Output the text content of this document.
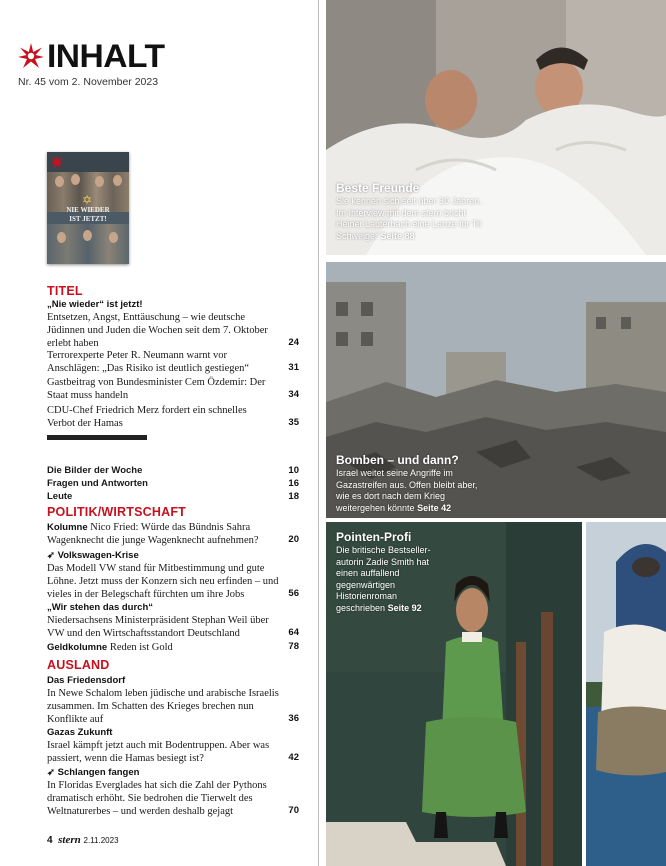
INHALT
Nr. 45 vom 2. November 2023
✡
NIE WIEDER
IST JETZT!
TITEL
„Nie wieder“ ist jetzt!
Entsetzen, Angst, Enttäuschung – wie deutsche Jüdinnen und Juden die Wochen seit dem 7. Oktober erlebt haben	24
Terrorexperte Peter R. Neumann warnt vor Anschlägen: „Das Risiko ist deutlich gestiegen“	31
Gastbeitrag von Bundesminister Cem Özdemir: Der Staat muss handeln	34
CDU-Chef Friedrich Merz fordert ein schnelles Verbot der Hamas	35
Die Bilder der Woche	10
Fragen und Antworten	16
Leute	18
POLITIK/WIRTSCHAFT
Kolumne Nico Fried: Würde das Bündnis Sahra Wagenknecht die junge Wagenknecht aufnehmen?	20
➶ Volkswagen-Krise
Das Modell VW stand für Mitbestimmung und gute Löhne. Jetzt muss der Konzern sich neu erfinden – und vieles in der Belegschaft fürchten um ihre Jobs	56
„Wir stehen das durch“
Niedersachsens Ministerpräsident Stephan Weil über VW und den Wirtschaftsstandort Deutschland	64
Geldkolumne Reden ist Gold	78
AUSLAND
Das Friedensdorf
In Newe Schalom leben jüdische und arabische Israelis zusammen. Im Schatten des Krieges brechen nun Konflikte auf	36
Gazas Zukunft
Israel kämpft jetzt auch mit Bodentruppen. Aber was passiert, wenn die Hamas besiegt ist?	42
➶ Schlangen fangen
In Floridas Everglades hat sich die Zahl der Pythons dramatisch erhöht. Sie bedrohen die Tierwelt des Weltnaturerbes – und werden deshalb gejagt	70
4 stern 2.11.2023
Beste Freunde
Sie kennen sich seit über 30 Jahren. Im Interview mit dem stern bricht Heiner Lauterbach eine Lanze für Til Schweiger Seite 88
Bomben – und dann?
Israel weitet seine Angriffe im Gazastreifen aus. Offen bleibt aber, wie es dort nach dem Krieg weitergehen könnte Seite 42
Pointen-Profi
Die britische Bestseller-autorin Zadie Smith hat einen auffallend gegenwärtigen Historienroman geschrieben Seite 92
